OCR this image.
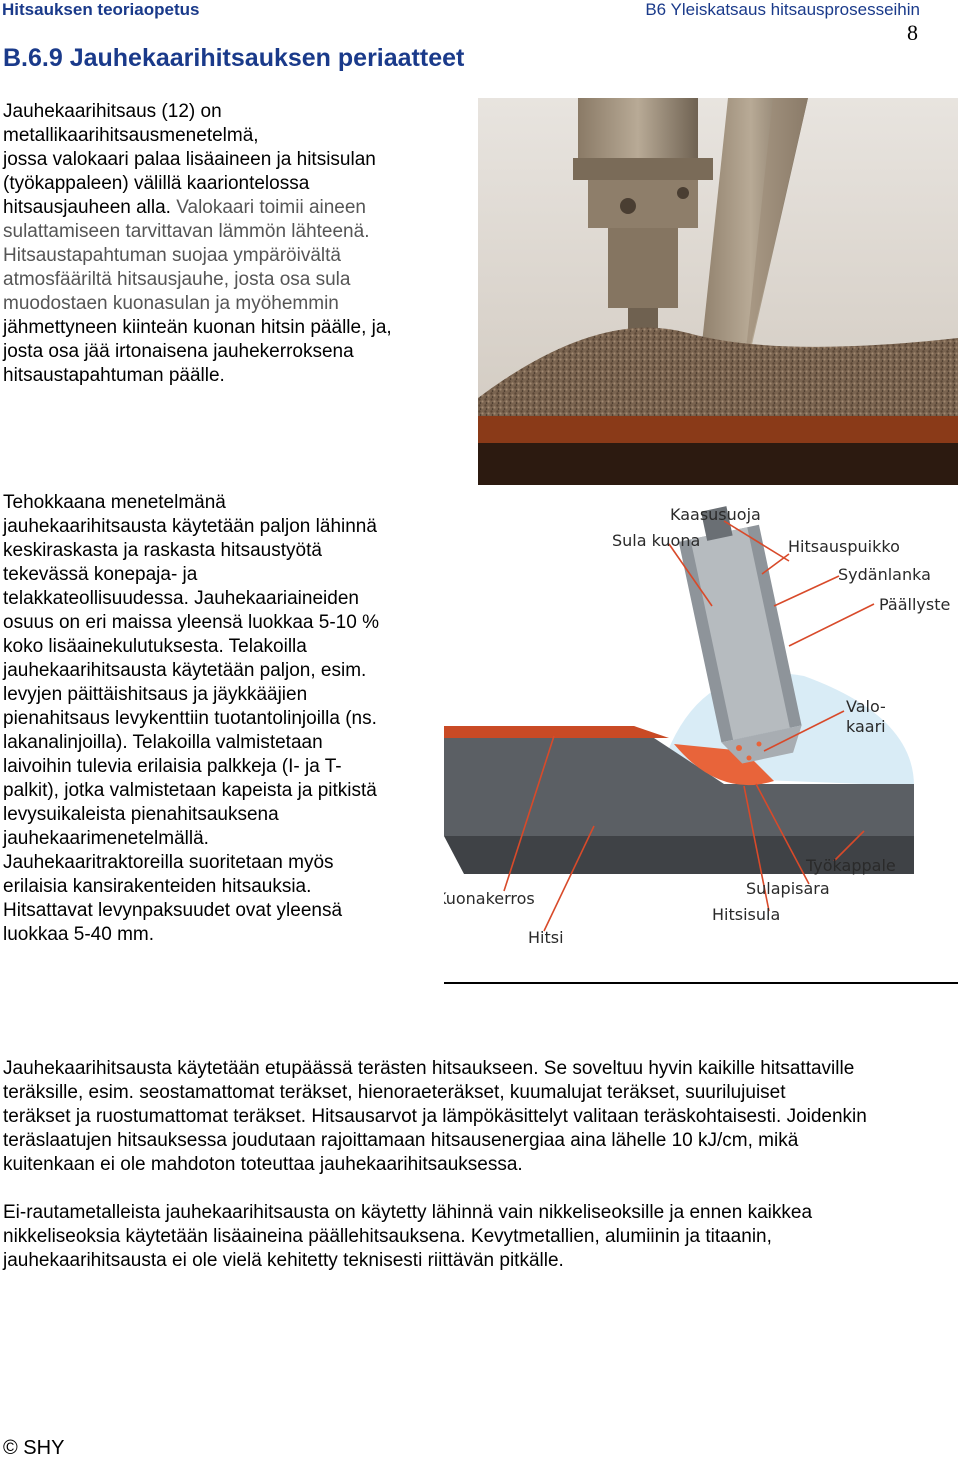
Hitsauksen teoriaopetus	B6 Yleiskatsaus hitsausprosesseihin
8
B.6.9 Jauhekaarihitsauksen periaatteet
Jauhekaarihitsaus (12) on
metallikaarihitsausmenetelmä,
jossa valokaari palaa lisäaineen ja hitsisulan
(työkappaleen) välillä kaariontelossa
hitsausjauheen alla. Valokaari toimii aineen
sulattamiseen tarvittavan lämmön lähteenä.
Hitsaustapahtuman suojaa ympäröivältä
atmosfääriltä hitsausjauhe, josta osa sula
muodostaen kuonasulan ja myöhemmin
jähmettyneen kiinteän kuonan hitsin päälle, ja,
josta osa jää irtonaisena jauhekerroksena
hitsaustapahtuman päälle.
Tehokkaana menetelmänä
jauhekaarihitsausta käytetään paljon lähinnä
keskiraskasta ja raskasta hitsaustyötä
tekevässä konepaja- ja
telakkateollisuudessa. Jauhekaariaineiden
osuus on eri maissa yleensä luokkaa 5-10 %
koko lisäainekulutuksesta. Telakoilla
jauhekaarihitsausta käytetään paljon, esim.
levyjen päittäishitsaus ja jäykkääjien
pienahitsaus levykenttiin tuotantolinjoilla (ns.
lakanalinjoilla). Telakoilla valmistetaan
laivoihin tulevia erilaisia palkkeja (I- ja T-
palkit), jotka valmistetaan kapeista ja pitkistä
levysuikaleista pienahitsauksena
jauhekaarimenetelmällä.
Jauhekaaritraktoreilla suoritetaan myös
erilaisia kansirakenteiden hitsauksia.
Hitsattavat levynpaksuudet ovat yleensä
luokkaa 5-40 mm.
Kaasusuoja
Sula kuona	Hitsauspuikko
Sydänlanka
Päällyste
Valo-
kaari
Työkappale
Sulapisara
Hitsisula
Kuonakerros
Hitsi
Jauhekaarihitsausta käytetään etupäässä terästen hitsaukseen. Se soveltuu hyvin kaikille hitsattaville
teräksille, esim. seostamattomat teräkset, hienoraeteräkset, kuumalujat teräkset, suurilujuiset
teräkset ja ruostumattomat teräkset. Hitsausarvot ja lämpökäsittelyt valitaan teräskohtaisesti. Joidenkin
teräslaatujen hitsauksessa joudutaan rajoittamaan hitsausenergiaa aina lähelle 10 kJ/cm, mikä
kuitenkaan ei ole mahdoton toteuttaa jauhekaarihitsauksessa.
Ei-rautametalleista jauhekaarihitsausta on käytetty lähinnä vain nikkeliseoksille ja ennen kaikkea
nikkeliseoksia käytetään lisäaineina päällehitsauksena. Kevytmetallien, alumiinin ja titaanin,
jauhekaarihitsausta ei ole vielä kehitetty teknisesti riittävän pitkälle.
© SHY
